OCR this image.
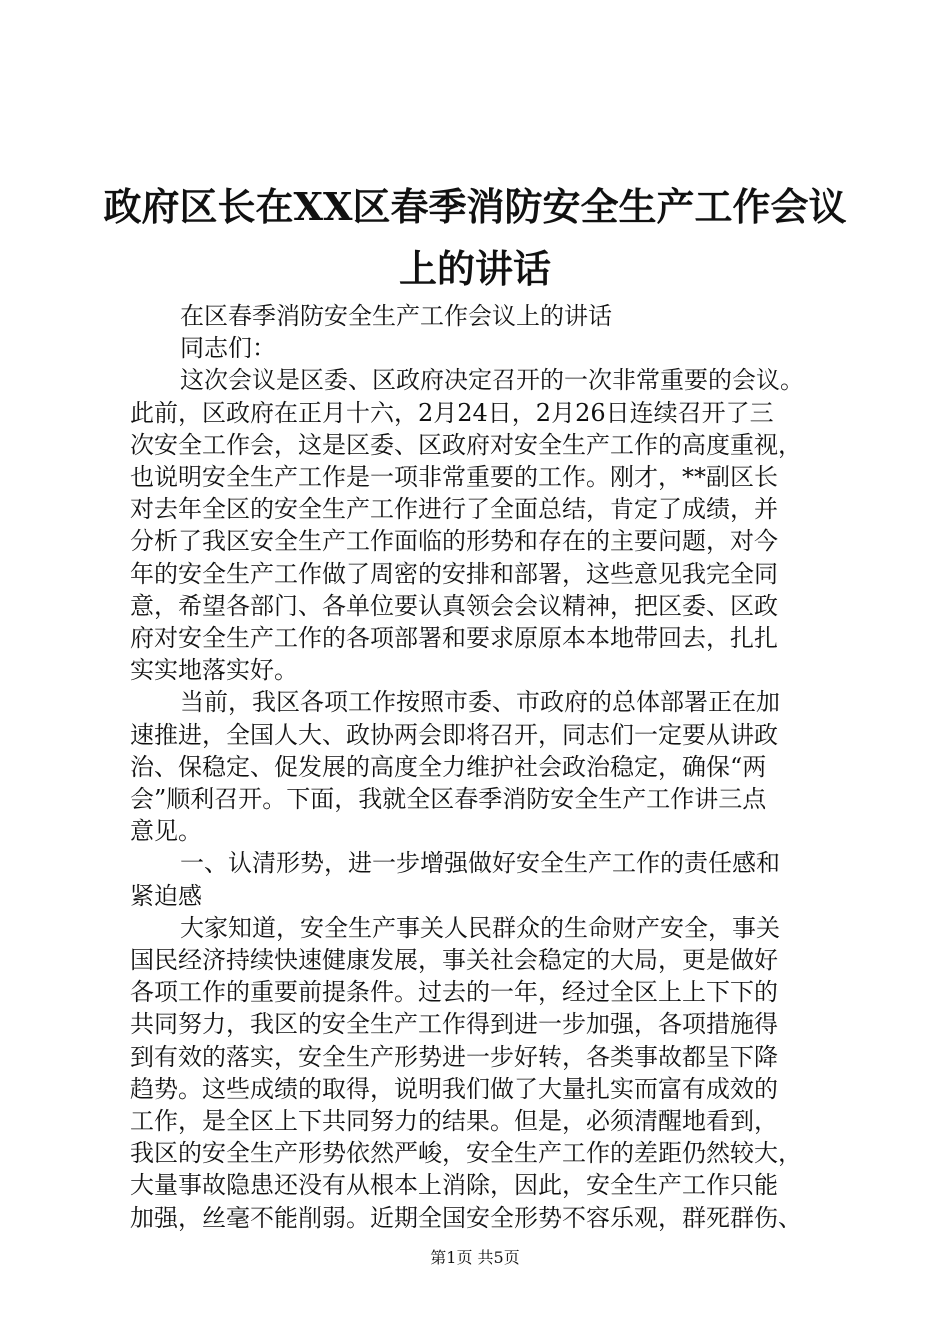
政府区长在XX区春季消防安全生产工作会议
上的讲话
在区春季消防安全生产工作会议上的讲话
同志们：
这次会议是区委、区政府决定召开的一次非常重要的会议。
此前，区政府在正月十六，2月24日，2月26日连续召开了三
次安全工作会，这是区委、区政府对安全生产工作的高度重视，
也说明安全生产工作是一项非常重要的工作。刚才，**副区长
对去年全区的安全生产工作进行了全面总结，肯定了成绩，并
分析了我区安全生产工作面临的形势和存在的主要问题，对今
年的安全生产工作做了周密的安排和部署，这些意见我完全同
意，希望各部门、各单位要认真领会会议精神，把区委、区政
府对安全生产工作的各项部署和要求原原本本地带回去，扎扎
实实地落实好。
当前，我区各项工作按照市委、市政府的总体部署正在加
速推进，全国人大、政协两会即将召开，同志们一定要从讲政
治、保稳定、促发展的高度全力维护社会政治稳定，确保“两
会”顺利召开。下面，我就全区春季消防安全生产工作讲三点
意见。
一、认清形势，进一步增强做好安全生产工作的责任感和
紧迫感
大家知道，安全生产事关人民群众的生命财产安全，事关
国民经济持续快速健康发展，事关社会稳定的大局，更是做好
各项工作的重要前提条件。过去的一年，经过全区上上下下的
共同努力，我区的安全生产工作得到进一步加强，各项措施得
到有效的落实，安全生产形势进一步好转，各类事故都呈下降
趋势。这些成绩的取得，说明我们做了大量扎实而富有成效的
工作，是全区上下共同努力的结果。但是，必须清醒地看到，
我区的安全生产形势依然严峻，安全生产工作的差距仍然较大，
大量事故隐患还没有从根本上消除，因此，安全生产工作只能
加强，丝毫不能削弱。近期全国安全形势不容乐观，群死群伤、
第1页 共5页
